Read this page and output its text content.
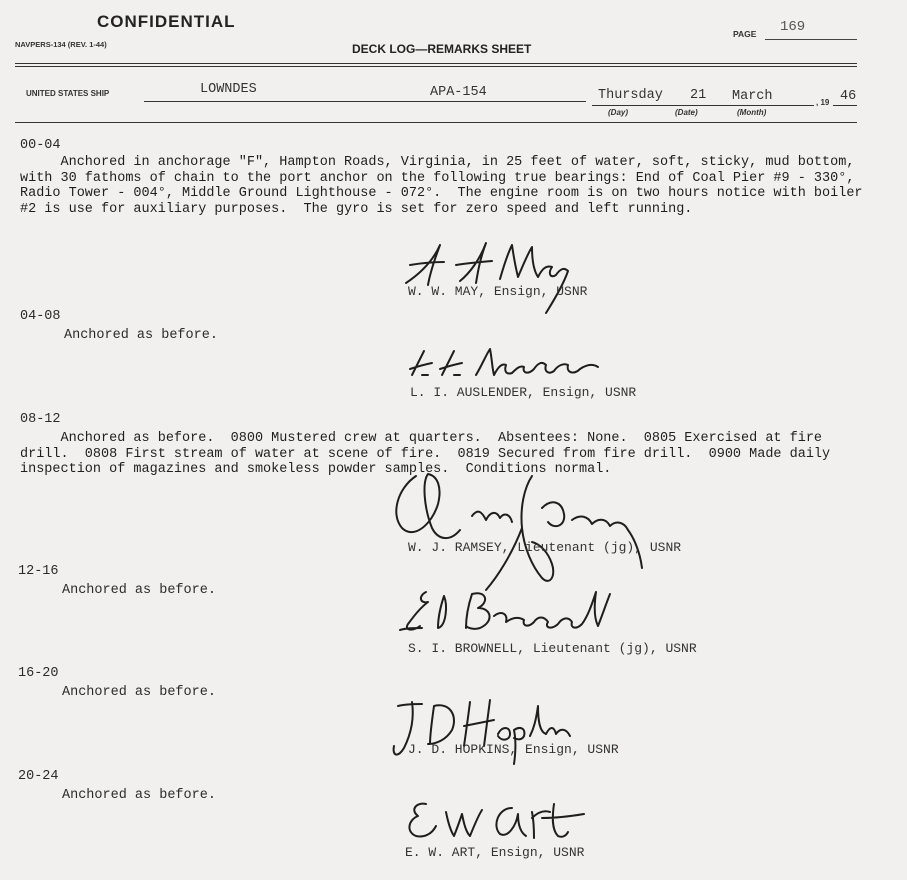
CONFIDENTIAL
NAVPERS-134 (REV. 1-44)	DECK LOG—REMARKS SHEET
PAGE 169
UNITED STATES SHIP	LOWNDES	APA-154	Thursday 21 March
(Day)	(Date)	(Month)
, 19 46
00-04
Anchored in anchorage "F", Hampton Roads, Virginia, in 25 feet of water, soft, sticky, mud bottom,
with 30 fathoms of chain to the port anchor on the following true bearings: End of Coal Pier #9 - 330°,
Radio Tower - 004°, Middle Ground Lighthouse - 072°.  The engine room is on two hours notice with boiler
#2 is use for auxiliary purposes.  The gyro is set for zero speed and left running.
W. W. MAY, Ensign, USNR
04-08
Anchored as before.
L. I. AUSLENDER, Ensign, USNR
08-12
Anchored as before.  0800 Mustered crew at quarters.  Absentees: None.  0805 Exercised at fire
drill.  0808 First stream of water at scene of fire.  0819 Secured from fire drill.  0900 Made daily
inspection of magazines and smokeless powder samples.  Conditions normal.
W. J. RAMSEY, Lieutenant (jg), USNR
12-16
Anchored as before.
S. I. BROWNELL, Lieutenant (jg), USNR
16-20
Anchored as before.
J. D. HOPKINS, Ensign, USNR
20-24
Anchored as before.
E. W. ART, Ensign, USNR
